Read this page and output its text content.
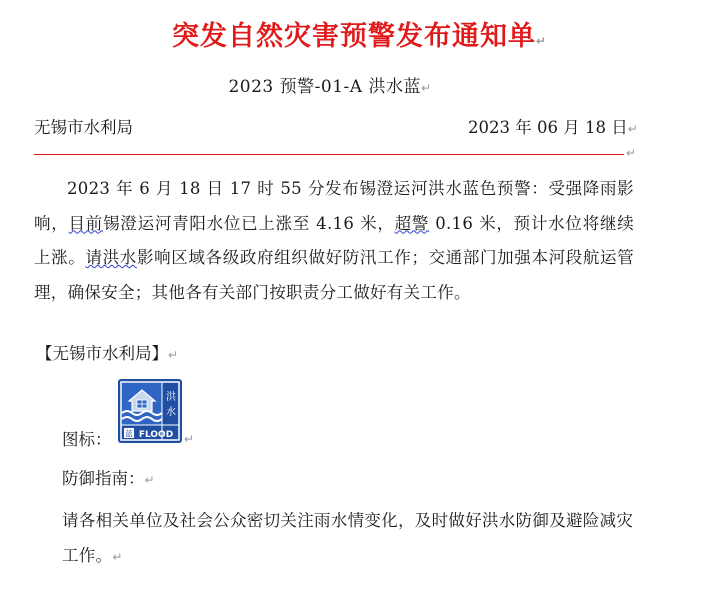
突发自然灾害预警发布通知单↵
2023 预警-01-A 洪水蓝↵
无锡市水利局	2023 年 06 月 18 日↵
↵

2023 年 6 月 18 日 17 时 55 分发布锡澄运河洪水蓝色预警：受强降雨影响，目前锡澄运河青阳水位已上涨至 4.16 米，超警 0.16 米，预计水位将继续上涨。请洪水影响区域各级政府组织做好防汛工作；交通部门加强本河段航运管理，确保安全；其他各有关部门按职责分工做好有关工作。

【无锡市水利局】↵
图标：
洪
水
蓝 FLOOD ↵
防御指南：↵

请各相关单位及社会公众密切关注雨水情变化，及时做好洪水防御及避险减灾工作。↵
